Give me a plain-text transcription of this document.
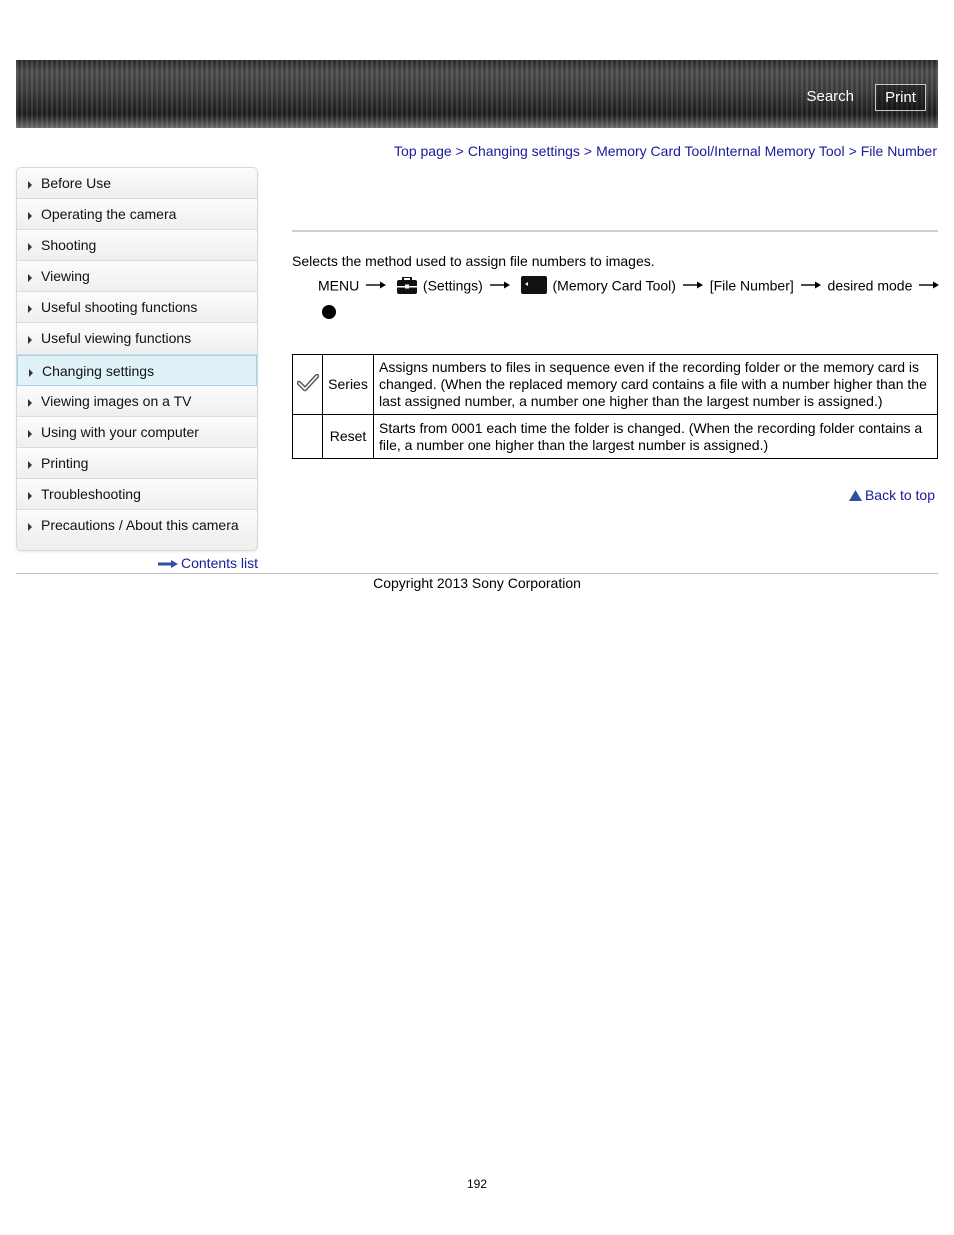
Search	Print
Top page > Changing settings > Memory Card Tool/Internal Memory Tool > File Number
Before Use
Operating the camera
Shooting
Viewing
Useful shooting functions
Useful viewing functions
Changing settings
Viewing images on a TV
Using with your computer
Printing
Troubleshooting
Precautions / About this camera
Contents list
Selects the method used to assign file numbers to images.
MENU	(Settings)	(Memory Card Tool) [File Number] desired mode
	Series	Assigns numbers to files in sequence even if the recording folder or the memory card is changed. (When the replaced memory card contains a file with a number higher than the last assigned number, a number one higher than the largest number is assigned.)
	Reset	Starts from 0001 each time the folder is changed. (When the recording folder contains a file, a number one higher than the largest number is assigned.)
Back to top
Copyright 2013 Sony Corporation
192
